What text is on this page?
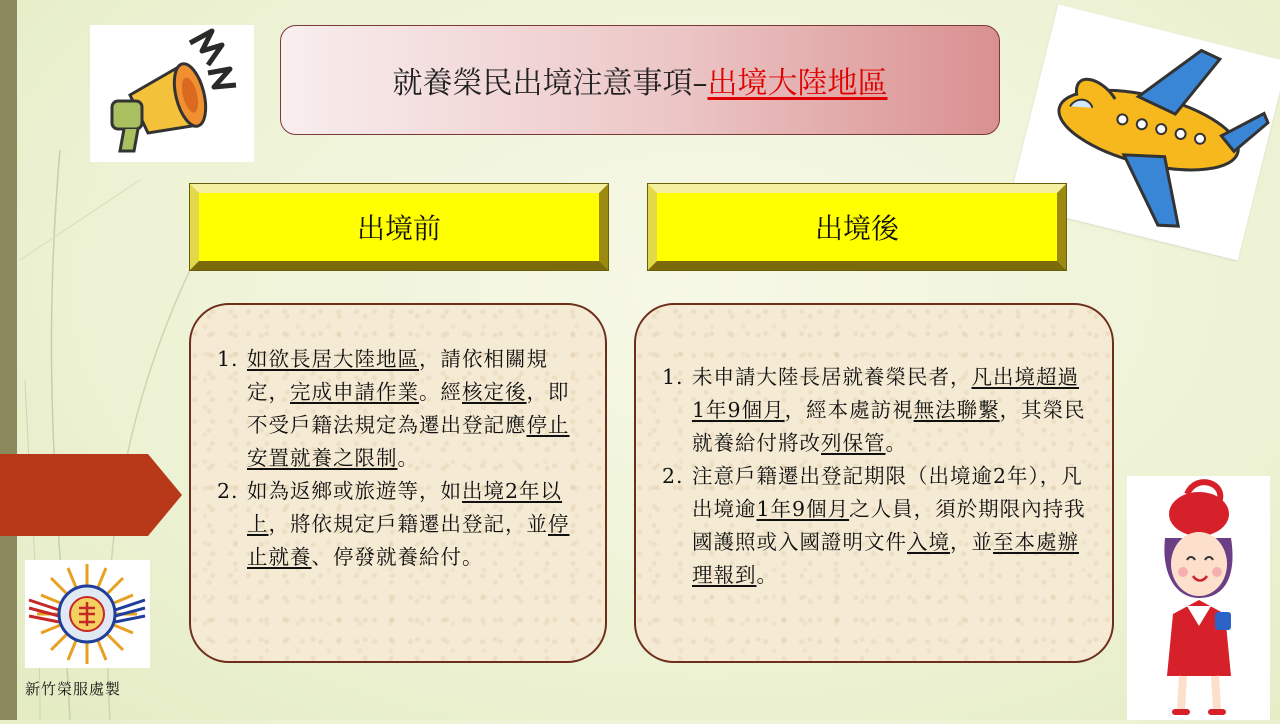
就養榮民出境注意事項– 出境大陸地區
出境前	出境後
1. 如欲長居大陸地區，請依相關規定，完成申請作業。經核定後，即不受戶籍法規定為遷出登記應停止安置就養之限制。
2. 如為返鄉或旅遊等，如出境2年以上，將依規定戶籍遷出登記，並停止就養、停發就養給付。
1. 未申請大陸長居就養榮民者，凡出境超過1年9個月，經本處訪視無法聯繫，其榮民就養給付將改列保管。
2. 注意戶籍遷出登記期限（出境逾2年），凡出境逾1年9個月之人員，須於期限內持我國護照或入國證明文件入境，並至本處辦理報到。
新竹榮服處製
